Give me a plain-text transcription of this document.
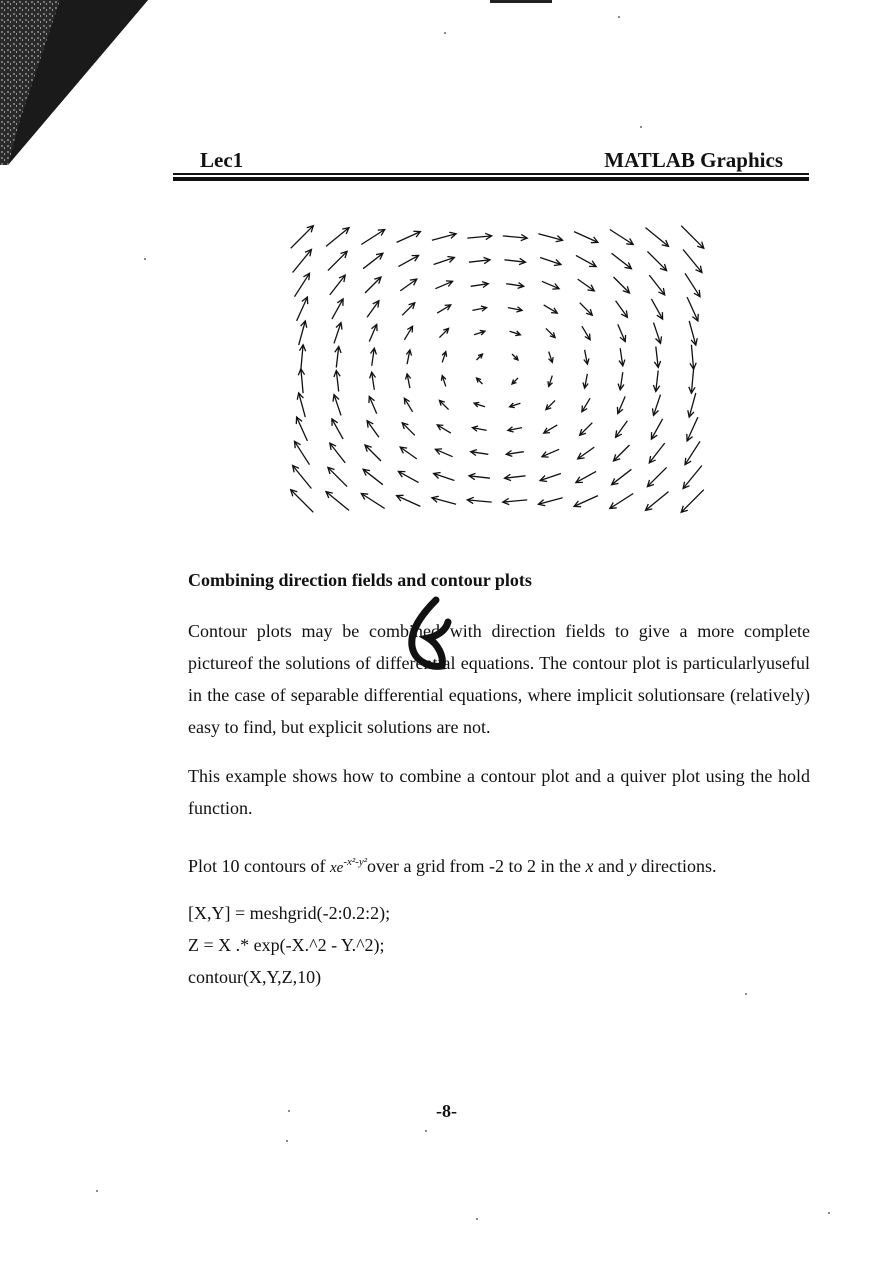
Lec1	MATLAB Graphics
Combining direction fields and contour plots
Contour plots may be combined with direction fields to give a more complete pictureof the solutions of differential equations. The contour plot is particularlyuseful in the case of separable differential equations, where implicit solutionsare (relatively) easy to find, but explicit solutions are not.
This example shows how to combine a contour plot and a quiver plot using the hold function.
Plot 10 contours of $xe^{-x^2-y^2}over$ a grid from -2 to 2 in the x and y directions.
[X,Y] = meshgrid(-2:0.2:2);
Z = X .* exp(-X.^2 - Y.^2);
contour(X,Y,Z,10)
-8-
